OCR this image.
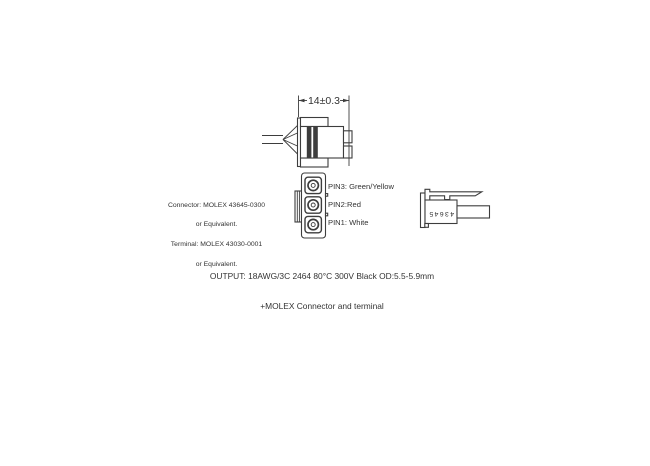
14±0.3

Connector: MOLEX 43645-0300

or Equivalent.

Terminal: MOLEX 43030-0001

or Equivalent.

PIN3: Green/Yellow
PIN2:Red
PIN1: White
43645

OUTPUT: 18AWG/3C 2464 80°C 300V Black OD:5.5-5.9mm

+MOLEX Connector and terminal
